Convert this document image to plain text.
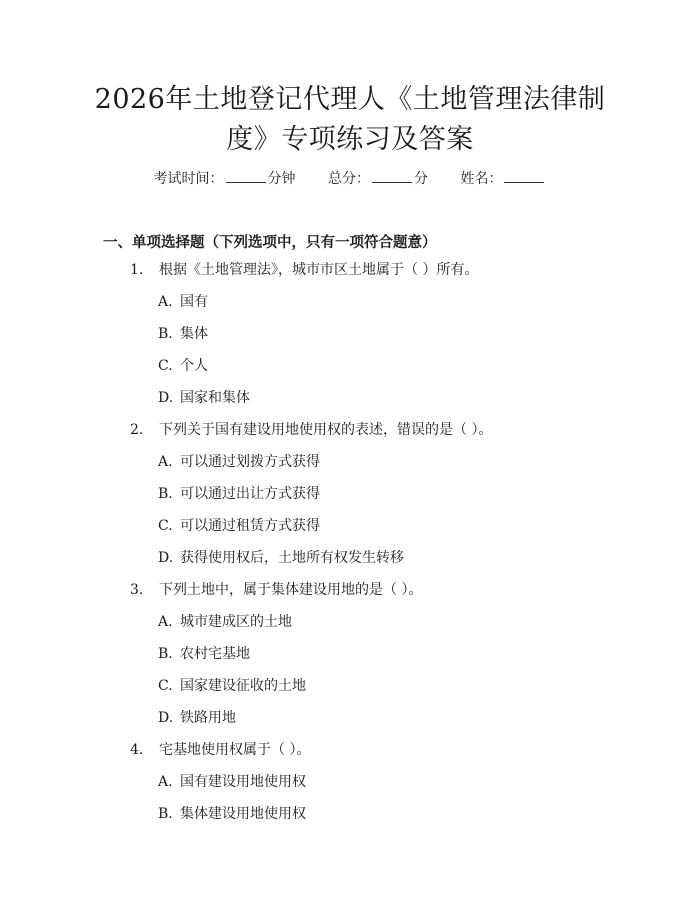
2026年土地登记代理人《土地管理法律制
度》专项练习及答案
考试时间：	分钟 总分：	分 姓名：
一、单项选择题（下列选项中，只有一项符合题意）
1. 根据《土地管理法》，城市市区土地属于（ ）所有。
A. 国有
B. 集体
C. 个人
D. 国家和集体
2. 下列关于国有建设用地使用权的表述，错误的是（ ）。
A. 可以通过划拨方式获得
B. 可以通过出让方式获得
C. 可以通过租赁方式获得
D. 获得使用权后，土地所有权发生转移
3. 下列土地中，属于集体建设用地的是（ ）。
A. 城市建成区的土地
B. 农村宅基地
C. 国家建设征收的土地
D. 铁路用地
4. 宅基地使用权属于（ ）。
A. 国有建设用地使用权
B. 集体建设用地使用权
